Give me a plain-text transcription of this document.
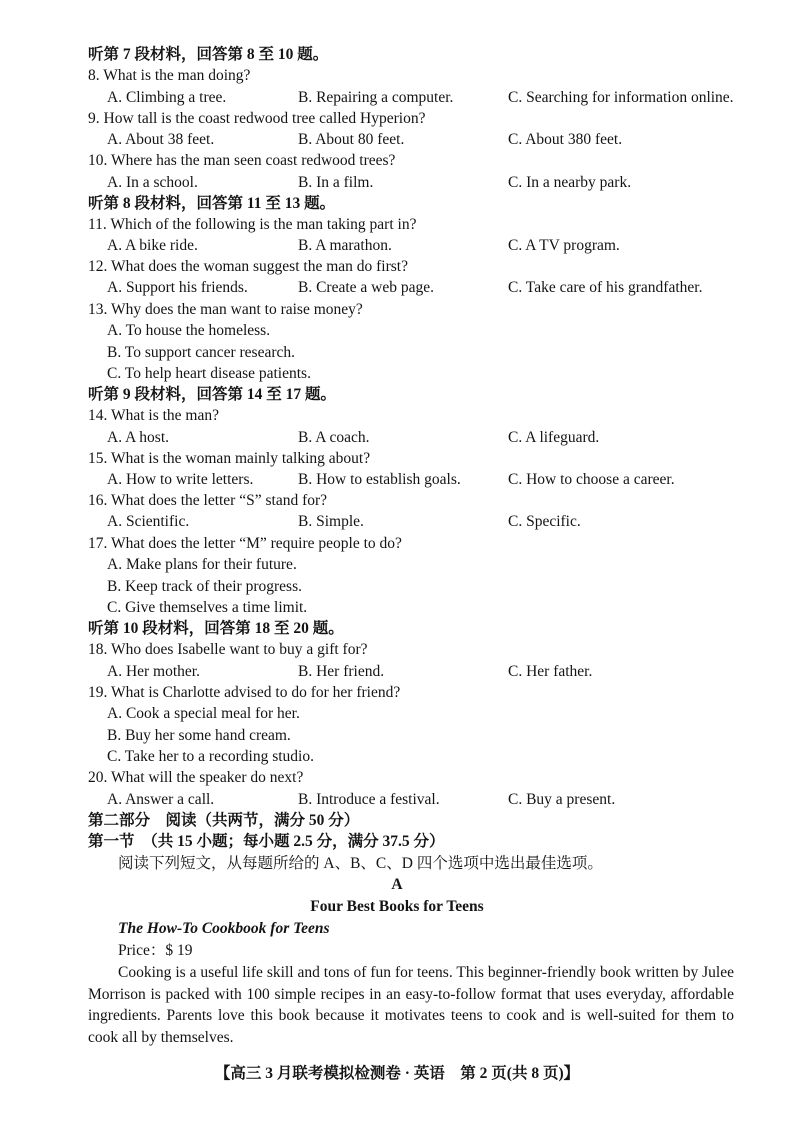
听第 7 段材料，回答第 8 至 10 题。
8. What is the man doing?
A. Climbing a tree.	B. Repairing a computer.	C. Searching for information online.
9. How tall is the coast redwood tree called Hyperion?
A. About 38 feet.	B. About 80 feet.	C. About 380 feet.
10. Where has the man seen coast redwood trees?
A. In a school.	B. In a film.	C. In a nearby park.
听第 8 段材料，回答第 11 至 13 题。
11. Which of the following is the man taking part in?
A. A bike ride.	B. A marathon.	C. A TV program.
12. What does the woman suggest the man do first?
A. Support his friends.	B. Create a web page.	C. Take care of his grandfather.
13. Why does the man want to raise money?
A. To house the homeless.
B. To support cancer research.
C. To help heart disease patients.
听第 9 段材料，回答第 14 至 17 题。
14. What is the man?
A. A host.	B. A coach.	C. A lifeguard.
15. What is the woman mainly talking about?
A. How to write letters.	B. How to establish goals.	C. How to choose a career.
16. What does the letter “S” stand for?
A. Scientific.	B. Simple.	C. Specific.
17. What does the letter “M” require people to do?
A. Make plans for their future.
B. Keep track of their progress.
C. Give themselves a time limit.
听第 10 段材料，回答第 18 至 20 题。
18. Who does Isabelle want to buy a gift for?
A. Her mother.	B. Her friend.	C. Her father.
19. What is Charlotte advised to do for her friend?
A. Cook a special meal for her.
B. Buy her some hand cream.
C. Take her to a recording studio.
20. What will the speaker do next?
A. Answer a call.	B. Introduce a festival.	C. Buy a present.
第二部分　阅读（共两节，满分 50 分）
第一节　（共 15 小题；每小题 2.5 分，满分 37.5 分）
阅读下列短文，从每题所给的 A、B、C、D 四个选项中选出最佳选项。
A
Four Best Books for Teens
The How-To Cookbook for Teens
Price：$ 19
Cooking is a useful life skill and tons of fun for teens. This beginner-friendly book written by Julee Morrison is packed with 100 simple recipes in an easy-to-follow format that uses everyday, affordable ingredients. Parents love this book because it motivates teens to cook and is well-suited for them to cook all by themselves.
【高三 3 月联考模拟检测卷 · 英语　第 2 页(共 8 页)】
